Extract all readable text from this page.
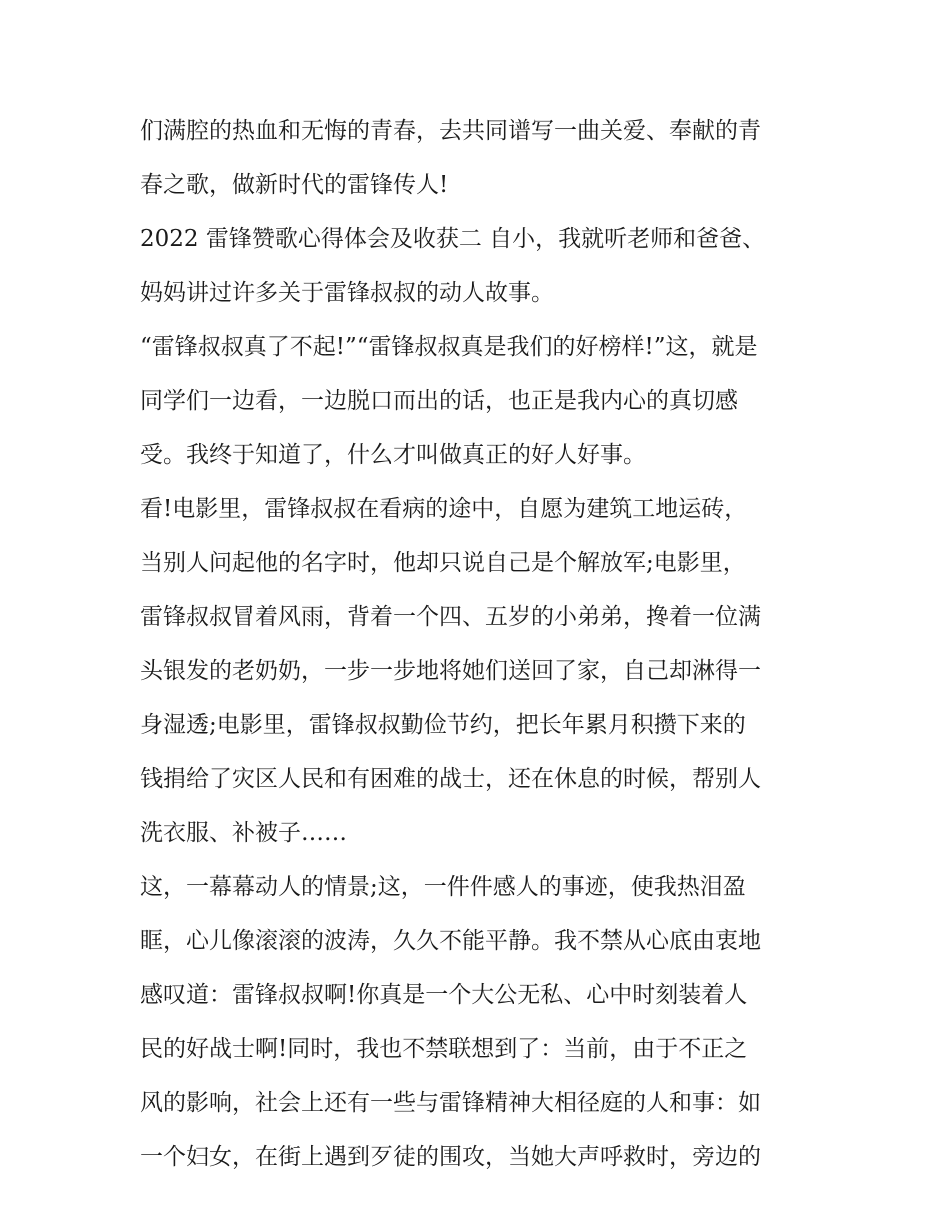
们满腔的热血和无悔的青春，去共同谱写一曲关爱、奉献的青
春之歌，做新时代的雷锋传人!
2022 雷锋赞歌心得体会及收获二 自小，我就听老师和爸爸、
妈妈讲过许多关于雷锋叔叔的动人故事。
“雷锋叔叔真了不起!”“雷锋叔叔真是我们的好榜样!”这，就是
同学们一边看，一边脱口而出的话，也正是我内心的真切感
受。我终于知道了，什么才叫做真正的好人好事。
看!电影里，雷锋叔叔在看病的途中，自愿为建筑工地运砖，
当别人问起他的名字时，他却只说自己是个解放军;电影里，
雷锋叔叔冒着风雨，背着一个四、五岁的小弟弟，搀着一位满
头银发的老奶奶，一步一步地将她们送回了家，自己却淋得一
身湿透;电影里，雷锋叔叔勤俭节约，把长年累月积攒下来的
钱捐给了灾区人民和有困难的战士，还在休息的时候，帮别人
洗衣服、补被子……
这，一幕幕动人的情景;这，一件件感人的事迹，使我热泪盈
眶，心儿像滚滚的波涛，久久不能平静。我不禁从心底由衷地
感叹道：雷锋叔叔啊!你真是一个大公无私、心中时刻装着人
民的好战士啊!同时，我也不禁联想到了：当前，由于不正之
风的影响，社会上还有一些与雷锋精神大相径庭的人和事：如
一个妇女，在街上遇到歹徒的围攻，当她大声呼救时，旁边的
